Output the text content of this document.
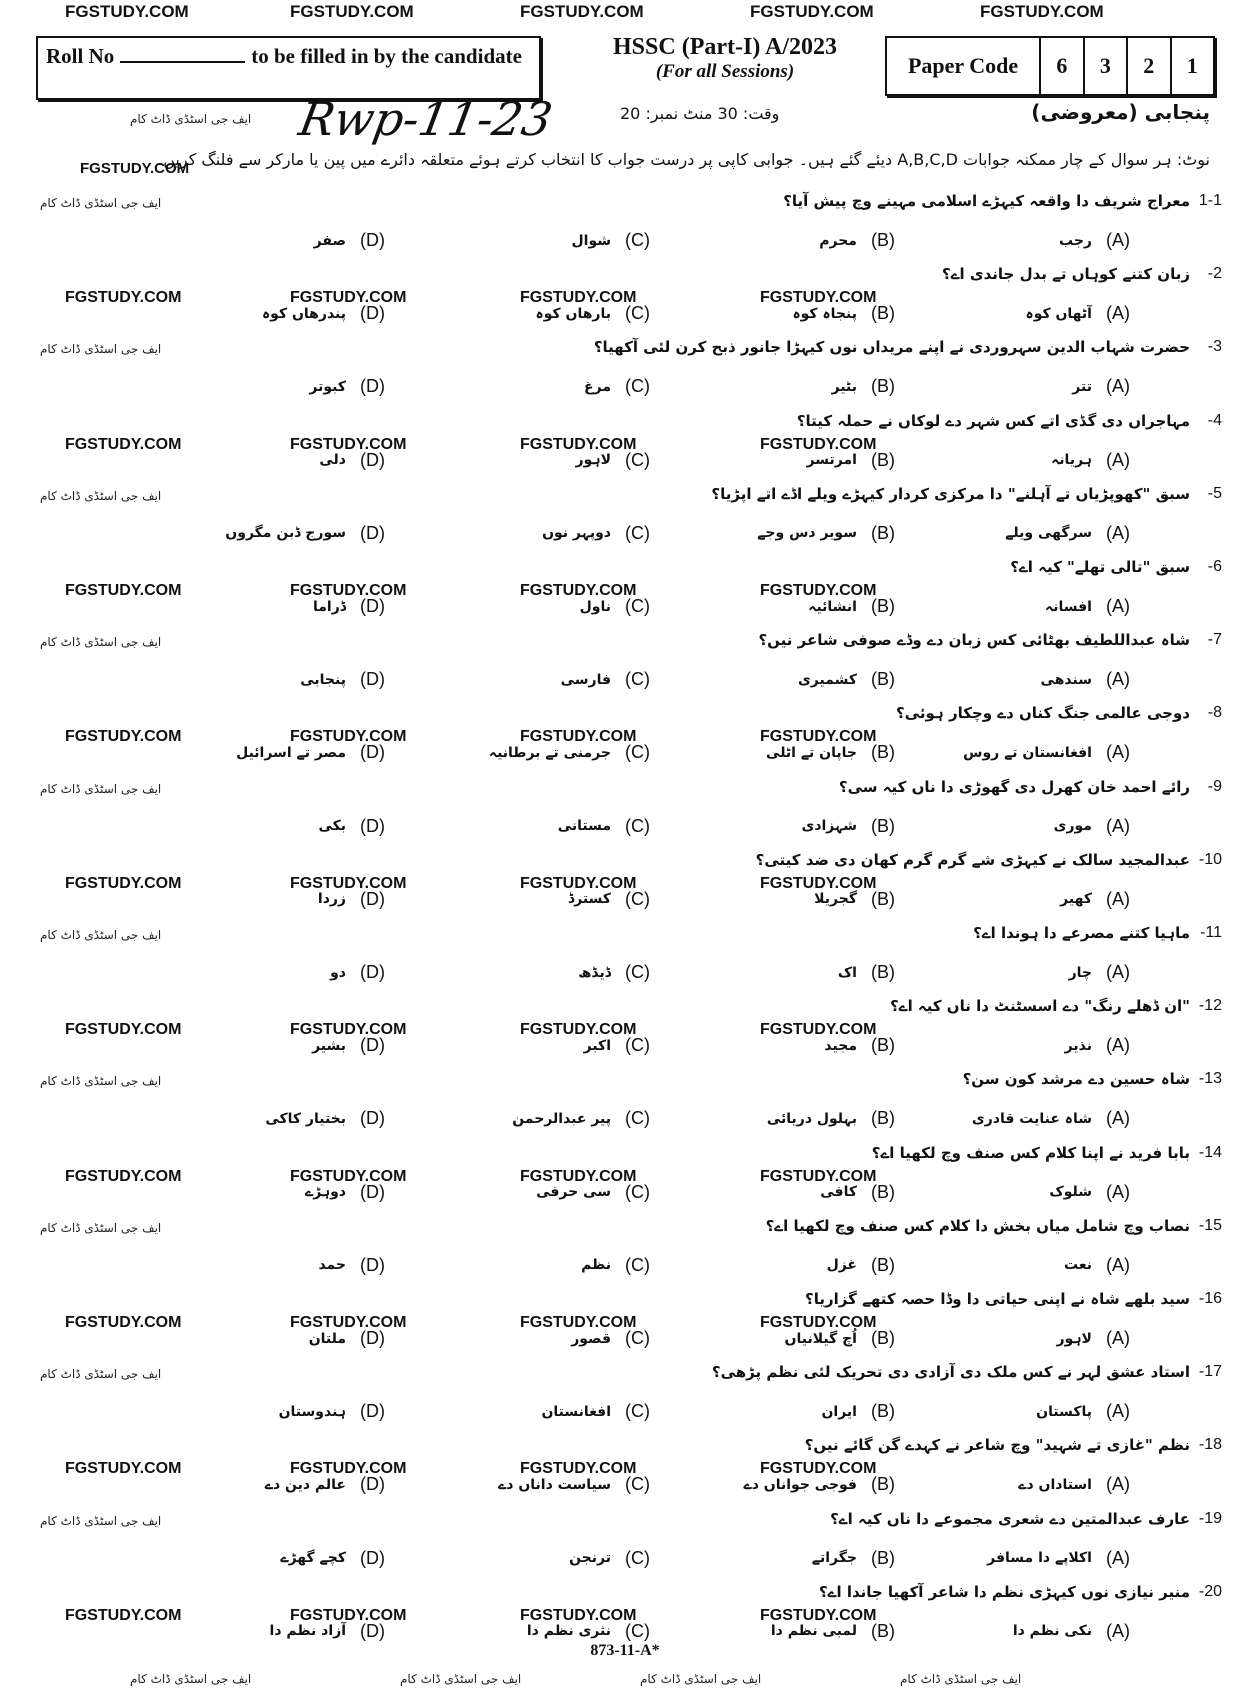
FGSTUDY.COM	FGSTUDY.COM	FGSTUDY.COM	FGSTUDY.COM	FGSTUDY.COM
Roll No	to be filled in by the candidate	HSSC (Part-I) A/2023
(For all Sessions)	Paper Code	6	3	2	1
پنجابی (معروضی)
وقت: 30 منٹ نمبر: 20
Rwp-11-23
ایف جی اسٹڈی ڈاٹ کام
نوٹ: ہر سوال کے چار ممکنہ جوابات A,B,C,D دیئے گئے ہیں۔ جوابی کاپی پر درست جواب کا انتخاب کرتے ہوئے متعلقہ دائرے میں پین یا مارکر سے فلنگ کریں۔
FGSTUDY.COM
1-1
معراج شریف دا واقعہ کیہڑے اسلامی مہینے وچ پیش آیا؟
ایف جی اسٹڈی ڈاٹ کام
(A)
رجب
(B)
محرم
(C)
شوال
(D)
صفر
-2
زبان کتنے کوہاں تے بدل جاندی اے؟
FGSTUDY.COM	FGSTUDY.COM	FGSTUDY.COM	FGSTUDY.COM
(A)
آٹھاں کوہ
(B)
پنجاہ کوہ
(C)
بارھاں کوہ
(D)
پندرھاں کوہ
-3
حضرت شہاب الدین سہروردی نے اپنے مریداں نوں کیہڑا جانور ذبح کرن لئی آکھیا؟
ایف جی اسٹڈی ڈاٹ کام
(A)
تتر
(B)
بٹیر
(C)
مرغ
(D)
کبوتر
-4
مہاجراں دی گڈی اتے کس شہر دے لوکاں نے حملہ کیتا؟
FGSTUDY.COM	FGSTUDY.COM	FGSTUDY.COM	FGSTUDY.COM
(A)
ہریانہ
(B)
امرتسر
(C)
لاہور
(D)
دلی
-5
سبق "کھوپڑیاں تے آہلنے" دا مرکزی کردار کیہڑے ویلے اڈے اتے اپڑیا؟
ایف جی اسٹڈی ڈاٹ کام
(A)
سرگھی ویلے
(B)
سویر دس وجے
(C)
دوپہر نوں
(D)
سورج ڈبن مگروں
-6
سبق "تالی تھلے" کیہ اے؟
FGSTUDY.COM	FGSTUDY.COM	FGSTUDY.COM	FGSTUDY.COM
(A)
افسانہ
(B)
انشائیہ
(C)
ناول
(D)
ڈراما
-7
شاہ عبداللطیف بھٹائی کس زبان دے وڈے صوفی شاعر نیں؟
ایف جی اسٹڈی ڈاٹ کام
(A)
سندھی
(B)
کشمیری
(C)
فارسی
(D)
پنجابی
-8
دوجی عالمی جنگ کناں دے وچکار ہوئی؟
FGSTUDY.COM	FGSTUDY.COM	FGSTUDY.COM	FGSTUDY.COM
(A)
افغانستان تے روس
(B)
جاپان تے اٹلی
(C)
جرمنی تے برطانیہ
(D)
مصر تے اسرائیل
-9
رائے احمد خان کھرل دی گھوڑی دا ناں کیہ سی؟
ایف جی اسٹڈی ڈاٹ کام
(A)
موری
(B)
شہزادی
(C)
مستانی
(D)
بکی
-10
عبدالمجید سالک نے کیہڑی شے گرم گرم کھان دی ضد کیتی؟
FGSTUDY.COM	FGSTUDY.COM	FGSTUDY.COM	FGSTUDY.COM
(A)
کھیر
(B)
گجریلا
(C)
کسترڈ
(D)
زردا
-11
ماہیا کتنے مصرعے دا ہوندا اے؟
ایف جی اسٹڈی ڈاٹ کام
(A)
چار
(B)
اک
(C)
ڈیڈھ
(D)
دو
-12
"ان ڈھلے رنگ" دے اسسٹنٹ دا ناں کیہ اے؟
FGSTUDY.COM	FGSTUDY.COM	FGSTUDY.COM	FGSTUDY.COM
(A)
نذیر
(B)
مجید
(C)
اکبر
(D)
بشیر
-13
شاہ حسین دے مرشد کون سن؟
ایف جی اسٹڈی ڈاٹ کام
(A)
شاہ عنایت قادری
(B)
بہلول دریائی
(C)
پیر عبدالرحمن
(D)
بختیار کاکی
-14
بابا فرید نے اپنا کلام کس صنف وچ لکھیا اے؟
FGSTUDY.COM	FGSTUDY.COM	FGSTUDY.COM	FGSTUDY.COM
(A)
شلوک
(B)
کافی
(C)
سی حرفی
(D)
دوہڑے
-15
نصاب وچ شامل میاں بخش دا کلام کس صنف وچ لکھیا اے؟
ایف جی اسٹڈی ڈاٹ کام
(A)
نعت
(B)
غزل
(C)
نظم
(D)
حمد
-16
سید بلھے شاہ نے اپنی حیاتی دا وڈا حصہ کتھے گزاریا؟
FGSTUDY.COM	FGSTUDY.COM	FGSTUDY.COM	FGSTUDY.COM
(A)
لاہور
(B)
اُچ گیلانیاں
(C)
قصور
(D)
ملتان
-17
استاد عشق لہر نے کس ملک دی آزادی دی تحریک لئی نظم پڑھی؟
ایف جی اسٹڈی ڈاٹ کام
(A)
پاکستان
(B)
ایران
(C)
افغانستان
(D)
ہندوستان
-18
نظم "غازی تے شہید" وچ شاعر نے کہدے گن گائے نیں؟
FGSTUDY.COM	FGSTUDY.COM	FGSTUDY.COM	FGSTUDY.COM
(A)
استاداں دے
(B)
فوجی جواناں دے
(C)
سیاست داناں دے
(D)
عالم دین دے
-19
عارف عبدالمتین دے شعری مجموعے دا ناں کیہ اے؟
ایف جی اسٹڈی ڈاٹ کام
(A)
اکلاپے دا مسافر
(B)
جگراتے
(C)
ترنجن
(D)
کچے گھڑے
-20
منیر نیازی نوں کیہڑی نظم دا شاعر آکھیا جاندا اے؟
FGSTUDY.COM	FGSTUDY.COM	FGSTUDY.COM	FGSTUDY.COM
(A)
نکی نظم دا
(B)
لمبی نظم دا
(C)
نثری نظم دا
(D)
آزاد نظم دا
873-11-A*
ایف جی اسٹڈی ڈاٹ کام	ایف جی اسٹڈی ڈاٹ کام	ایف جی اسٹڈی ڈاٹ کام	ایف جی اسٹڈی ڈاٹ کام
